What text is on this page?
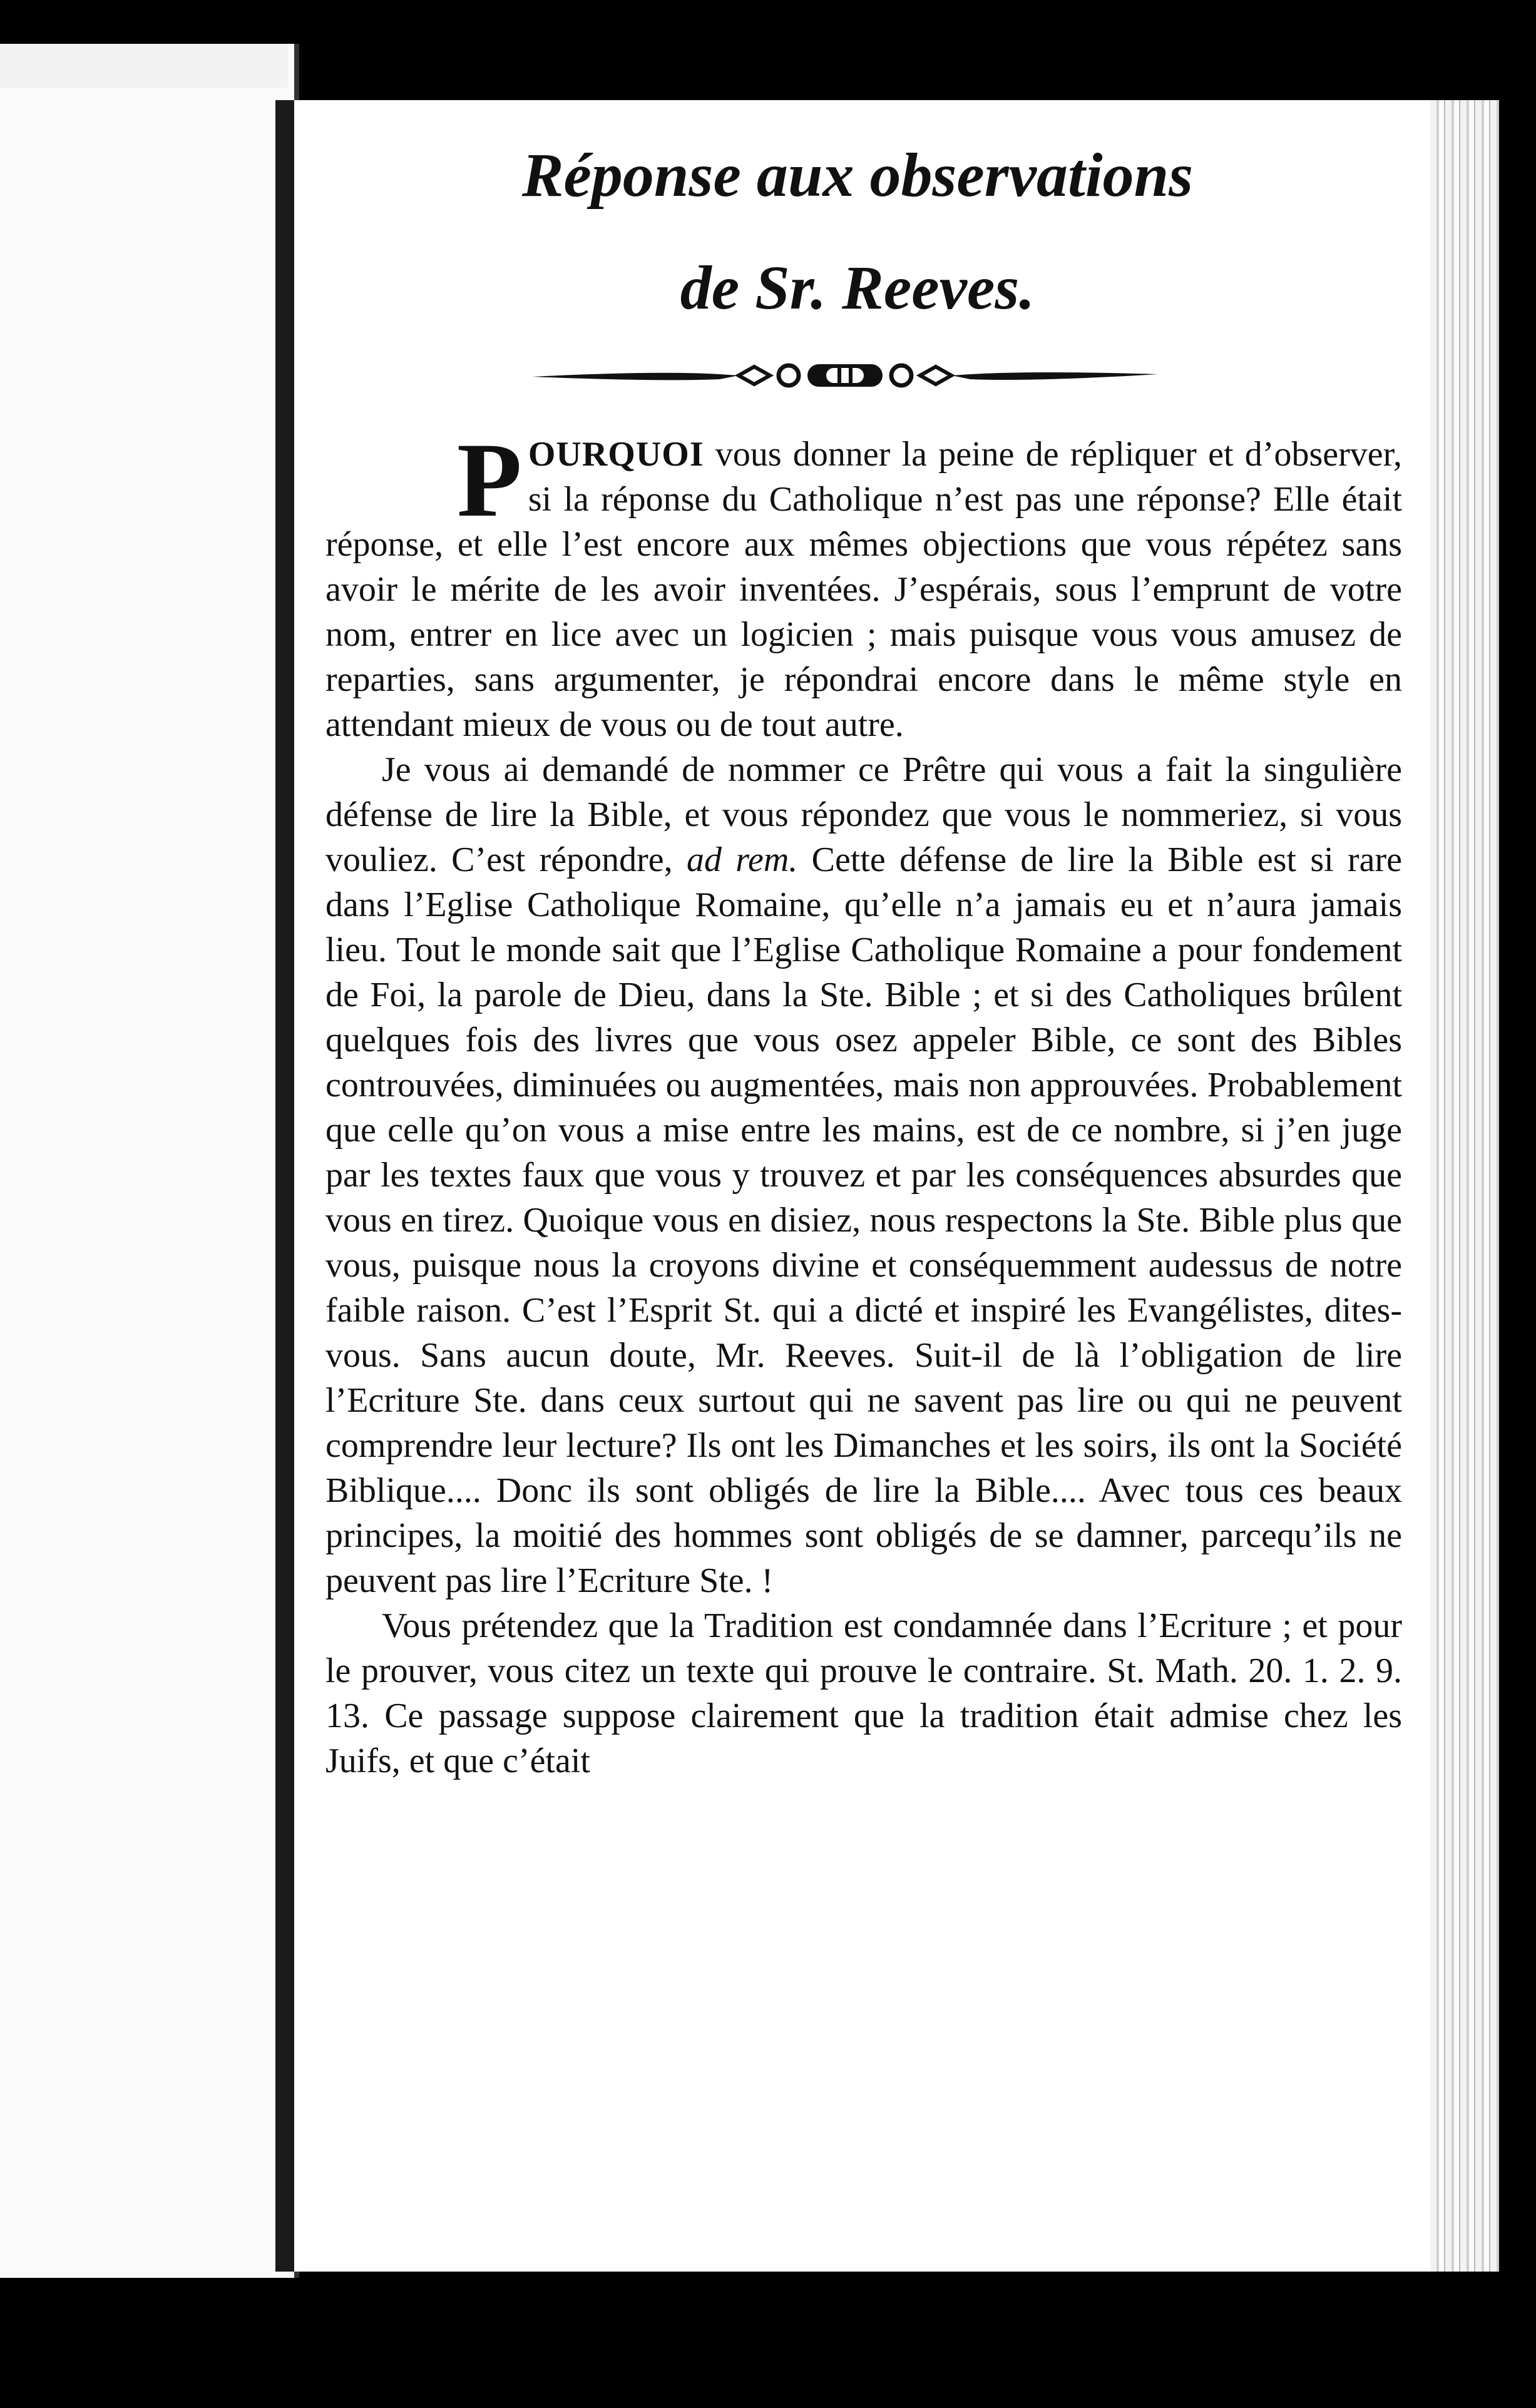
Réponse aux observations
de Sr. Reeves.

POURQUOI vous donner la peine de répliquer et d’observer, si la réponse du Catholique n’est pas une réponse? Elle était réponse, et elle l’est encore aux mêmes objections que vous répétez sans avoir le mérite de les avoir inventées. J’espérais, sous l’emprunt de votre nom, entrer en lice avec un logicien ; mais puisque vous vous amusez de reparties, sans argumenter, je répondrai encore dans le même style en attendant mieux de vous ou de tout autre.

Je vous ai demandé de nommer ce Prêtre qui vous a fait la singulière défense de lire la Bible, et vous répondez que vous le nommeriez, si vous vouliez. C’est répondre, ad rem. Cette défense de lire la Bible est si rare dans l’Eglise Catholique Romaine, qu’elle n’a jamais eu et n’aura jamais lieu. Tout le monde sait que l’Eglise Catholique Romaine a pour fondement de Foi, la parole de Dieu, dans la Ste. Bible ; et si des Catholiques brûlent quelques fois des livres que vous osez appeler Bible, ce sont des Bibles controuvées, diminuées ou augmentées, mais non approuvées. Probablement que celle qu’on vous a mise entre les mains, est de ce nombre, si j’en juge par les textes faux que vous y trouvez et par les conséquences absurdes que vous en tirez. Quoique vous en disiez, nous respectons la Ste. Bible plus que vous, puisque nous la croyons divine et conséquemment audessus de notre faible raison. C’est l’Esprit St. qui a dicté et inspiré les Evangélistes, dites-vous. Sans aucun doute, Mr. Reeves. Suit-il de là l’obligation de lire l’Ecriture Ste. dans ceux surtout qui ne savent pas lire ou qui ne peuvent comprendre leur lecture? Ils ont les Dimanches et les soirs, ils ont la Société Biblique.... Donc ils sont obligés de lire la Bible.... Avec tous ces beaux principes, la moitié des hommes sont obligés de se damner, parcequ’ils ne peuvent pas lire l’Ecriture Ste. !

Vous prétendez que la Tradition est condamnée dans l’Ecriture ; et pour le prouver, vous citez un texte qui prouve le contraire. St. Math. 20. 1. 2. 9. 13. Ce passage suppose clairement que la tradition était admise chez les Juifs, et que c’était
